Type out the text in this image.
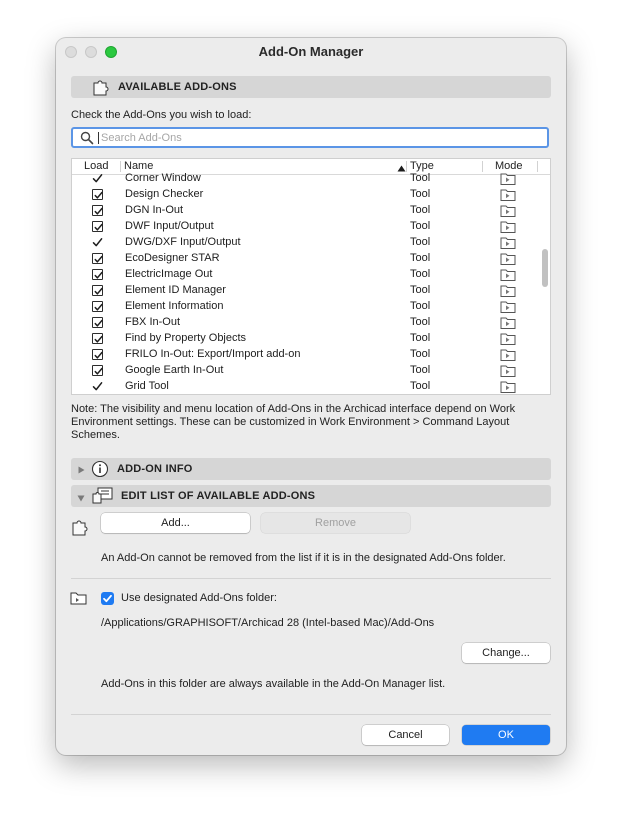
Add-On Manager
AVAILABLE ADD-ONS
Check the Add-Ons you wish to load:
Search Add-Ons
Load Name	Type	Mode
Corner Window	Tool
Design Checker	Tool
DGN In-Out	Tool
DWF Input/Output	Tool
DWG/DXF Input/Output	Tool
EcoDesigner STAR	Tool
ElectricImage Out	Tool
Element ID Manager	Tool
Element Information	Tool
FBX In-Out	Tool
Find by Property Objects	Tool
FRILO In-Out: Export/Import add-on	Tool
Google Earth In-Out	Tool
Grid Tool	Tool
Note: The visibility and menu location of Add-Ons in the Archicad interface depend on Work Environment settings. These can be customized in Work Environment > Command Layout Schemes.
ADD-ON INFO
EDIT LIST OF AVAILABLE ADD-ONS
Add...	Remove
An Add-On cannot be removed from the list if it is in the designated Add-Ons folder.
Use designated Add-Ons folder:
/Applications/GRAPHISOFT/Archicad 28 (Intel-based Mac)/Add-Ons
Change...
Add-Ons in this folder are always available in the Add-On Manager list.
Cancel	OK
